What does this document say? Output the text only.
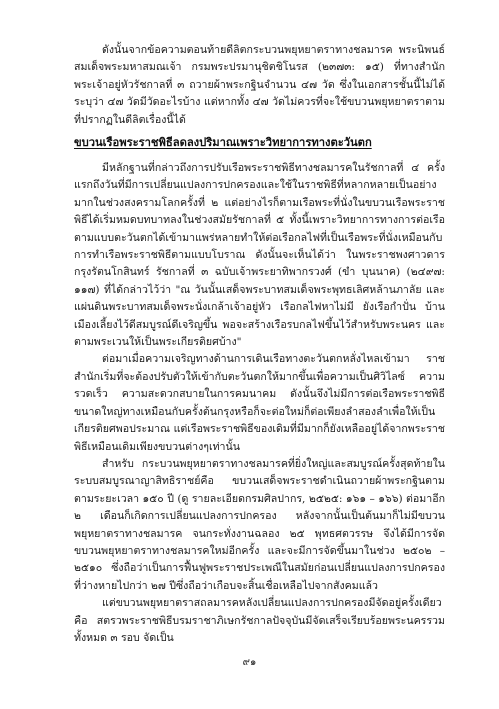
ดังนั้นจากข้อความตอนท้ายดีลิตกระบวนพยุหยาตราทางชลมารค พระนิพนธ์สมเด็จพระมหาสมณเจ้า กรมพระปรมานุชิตชิโนรส (๒๓๗๓: ๑๕) ที่ทางสำนักพระเจ้าอยู่หัวรัชกาลที่ ๓ ถวายผ้าพระกฐินจำนวน ๔๗ วัด ซึ่งในเอกสารชั้นนี้ไม่ได้ระบุว่า ๔๗ วัดมีวัดอะไรบ้าง แต่หากทั้ง ๔๗ วัดไม่ควรที่จะใช้ขบวนพยุหยาตราตามที่ปรากฏในดีลิตเรื่องนี้ได้

ขบวนเรือพระราชพิธีลดลงปริมาณเพราะวิทยาการทางตะวันตก

มีหลักฐานที่กล่าวถึงการปรับเรือพระราชพิธีทางชลมารคในรัชกาลที่ ๔ ครั้งแรกถึงวันที่มีการเปลี่ยนแปลงการปกครองและใช้ในราชพิธีที่หลากหลายเป็นอย่างมากในช่วงสงครามโลกครั้งที่ ๒ แต่อย่างไรก็ตามเรือพระที่นั่งในขบวนเรือพระราชพิธีได้เริ่มหมดบทบาทลงในช่วงสมัยรัชกาลที่ ๕ ทั้งนี้เพราะวิทยาการทางการต่อเรือตามแบบตะวันตกได้เข้ามาแพร่หลายทำให้ต่อเรือกลไฟที่เป็นเรือพระที่นั่งเหมือนกับการทำเรือพระราชพิธีตามแบบโบราณ ดังนั้นจะเห็นได้ว่า ในพระราชพงศาวดารกรุงรัตนโกสินทร์ รัชกาลที่ ๓ ฉบับเจ้าพระยาทิพากรวงศ์ (ขำ บุนนาค) (๒๔๙๗: ๑๑๗) ที่ได้กล่าวไว้ว่า "ณ วันนั้นเสด็จพระบาทสมเด็จพระพุทธเลิศหล้านภาลัย และแผ่นดินพระบาทสมเด็จพระนั่งเกล้าเจ้าอยู่หัว เรือกลไฟหาไม่มี ยังเรือกำปั่น บ้านเมืองเลี้ยงไว้ดีสมบูรณ์ดีเจริญขึ้น พอจะสร้างเรือรบกลไฟขึ้นไว้สำหรับพระนคร และตามพระเวนให้เป็นพระเกียรติยศบ้าง"

ต่อมาเมื่อความเจริญทางด้านการเดินเรือทางตะวันตกหลั่งไหลเข้ามา ราชสำนักเริ่มที่จะต้องปรับตัวให้เข้ากับตะวันตกให้มากขึ้นเพื่อความเป็นศิวิไลซ์ ความรวดเร็ว ความสะดวกสบายในการคมนาคม ดังนั้นจึงไม่มีการต่อเรือพระราชพิธีขนาดใหญ่ทางเหมือนกับครั้งต้นกรุงหรือก็จะต่อใหม่ก็ต่อเพียงลำสองลำเพื่อให้เป็นเกียรติยศพอประมาณ แต่เรือพระราชพิธีของเดิมที่มีมากก็ยังเหลืออยู่ได้จากพระราชพิธีเหมือนเดิมเพียงขบวนต่างๆเท่านั้น

สำหรับ กระบวนพยุหยาตราทางชลมารคที่ยิ่งใหญ่และสมบูรณ์ครั้งสุดท้ายในระบบสมบูรณาญาสิทธิราชย์คือ ขบวนเสด็จพระราชดำเนินถวายผ้าพระกฐินตามตามระยะเวลา ๑๕๐ ปี (ดู รายละเอียดกรมศิลปากร, ๒๕๒๕: ๑๖๑ – ๑๖๖) ต่อมาอีก ๒ เดือนก็เกิดการเปลี่ยนแปลงการปกครอง หลังจากนั้นเป็นต้นมาก็ไม่มีขบวนพยุหยาตราทางชลมารค จนกระทั่งงานฉลอง ๒๕ พุทธศตวรรษ จึงได้มีการจัดขบวนพยุหยาตราทางชลมารคใหม่อีกครั้ง และจะมีการจัดขึ้นมาในช่วง ๒๕๐๒ – ๒๕๑๐ ซึ่งถือว่าเป็นการฟื้นฟูพระราชประเพณีในสมัยก่อนเปลี่ยนแปลงการปกครองที่ว่างหายไปกว่า ๒๗ ปีซึ่งถือว่าเกือบจะสิ้นเชื่อเหลือไปจากสังคมแล้ว

แต่ขบวนพยุหยาตราสถลมารคหลังเปลี่ยนแปลงการปกครองมีจัดอยู่ครั้งเดียวคือ สตรวพระราชพิธีบรมราชาภิเษกรัชกาลปัจจุบันมีจัดเสร็จเรียบร้อยพระนครรวมทั้งหมด ๓ รอบ จัดเป็น

๙๑
